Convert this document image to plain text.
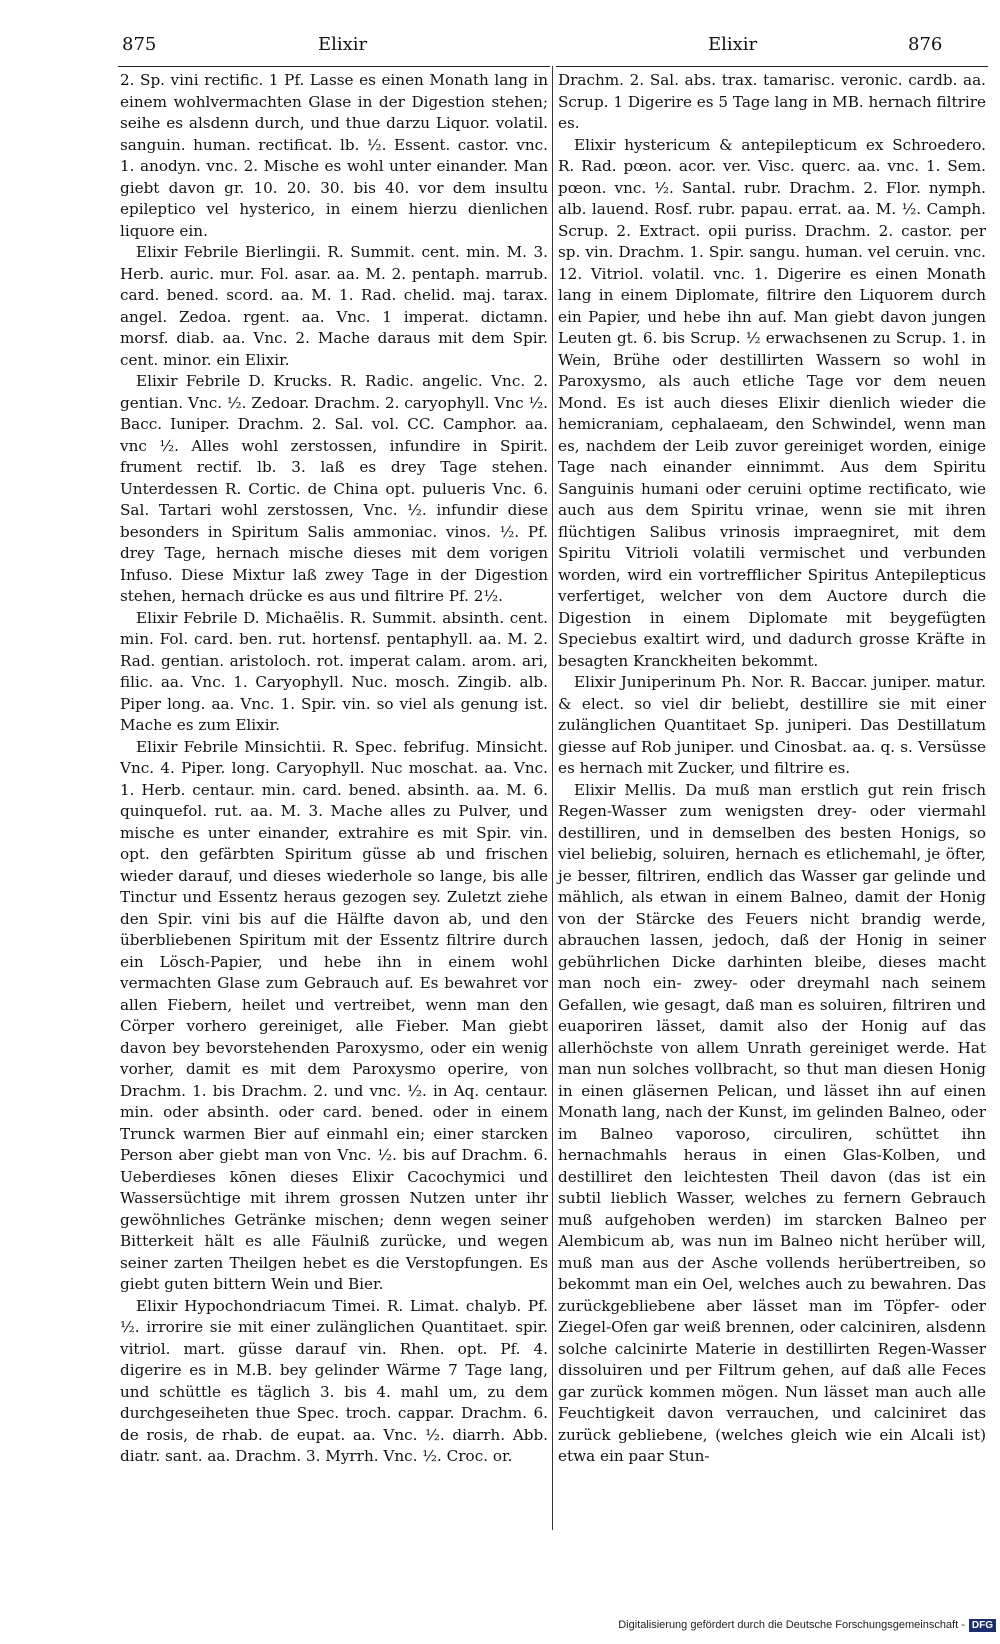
875	Elixir	Elixir	876

2. Sp. vini rectific. 1 Pf. Lasse es einen Monath lang in einem wohlvermachten Glase in der Digestion stehen; seihe es alsdenn durch, und thue darzu Liquor. volatil. sanguin. human. rectificat. lb. ½. Essent. castor. vnc. 1. anodyn. vnc. 2. Mische es wohl unter einander. Man giebt davon gr. 10. 20. 30. bis 40. vor dem insultu epileptico vel hysterico, in einem hierzu dienlichen liquore ein.

Elixir Febrile Bierlingii. R. Summit. cent. min. M. 3. Herb. auric. mur. Fol. asar. aa. M. 2. pentaph. marrub. card. bened. scord. aa. M. 1. Rad. chelid. maj. tarax. angel. Zedoa. rgent. aa. Vnc. 1 imperat. dictamn. morsf. diab. aa. Vnc. 2. Mache daraus mit dem Spir. cent. minor. ein Elixir.

Elixir Febrile D. Krucks. R. Radic. angelic. Vnc. 2. gentian. Vnc. ½. Zedoar. Drachm. 2. caryophyll. Vnc ½. Bacc. Iuniper. Drachm. 2. Sal. vol. CC. Camphor. aa. vnc ½. Alles wohl zerstossen, infundire in Spirit. frument rectif. lb. 3. laß es drey Tage stehen. Unterdessen R. Cortic. de China opt. pulueris Vnc. 6. Sal. Tartari wohl zerstossen, Vnc. ½. infundir diese besonders in Spiritum Salis ammoniac. vinos. ½. Pf. drey Tage, hernach mische dieses mit dem vorigen Infuso. Diese Mixtur laß zwey Tage in der Digestion stehen, hernach drücke es aus und filtrire Pf. 2½.

Elixir Febrile D. Michaëlis. R. Summit. absinth. cent. min. Fol. card. ben. rut. hortensf. pentaphyll. aa. M. 2. Rad. gentian. aristoloch. rot. imperat calam. arom. ari, filic. aa. Vnc. 1. Caryophyll. Nuc. mosch. Zingib. alb. Piper long. aa. Vnc. 1. Spir. vin. so viel als genung ist. Mache es zum Elixir.

Elixir Febrile Minsichtii. R. Spec. febrifug. Minsicht. Vnc. 4. Piper. long. Caryophyll. Nuc moschat. aa. Vnc. 1. Herb. centaur. min. card. bened. absinth. aa. M. 6. quinquefol. rut. aa. M. 3. Mache alles zu Pulver, und mische es unter einander, extrahire es mit Spir. vin. opt. den gefärbten Spiritum güsse ab und frischen wieder darauf, und dieses wiederhole so lange, bis alle Tinctur und Essentz heraus gezogen sey. Zuletzt ziehe den Spir. vini bis auf die Hälfte davon ab, und den überbliebenen Spiritum mit der Essentz filtrire durch ein Lösch-Papier, und hebe ihn in einem wohl vermachten Glase zum Gebrauch auf. Es bewahret vor allen Fiebern, heilet und vertreibet, wenn man den Cörper vorhero gereiniget, alle Fieber. Man giebt davon bey bevorstehenden Paroxysmo, oder ein wenig vorher, damit es mit dem Paroxysmo operire, von Drachm. 1. bis Drachm. 2. und vnc. ½. in Aq. centaur. min. oder absinth. oder card. bened. oder in einem Trunck warmen Bier auf einmahl ein; einer starcken Person aber giebt man von Vnc. ½. bis auf Drachm. 6. Ueberdieses kōnen dieses Elixir Cacochymici und Wassersüchtige mit ihrem grossen Nutzen unter ihr gewöhnliches Getränke mischen; denn wegen seiner Bitterkeit hält es alle Fäulniß zurücke, und wegen seiner zarten Theilgen hebet es die Verstopfungen. Es giebt guten bittern Wein und Bier.

Elixir Hypochondriacum Timei. R. Limat. chalyb. Pf. ½. irrorire sie mit einer zulänglichen Quantitaet. spir. vitriol. mart. güsse darauf vin. Rhen. opt. Pf. 4. digerire es in M.B. bey gelinder Wärme 7 Tage lang, und schüttle es täglich 3. bis 4. mahl um, zu dem durchgeseiheten thue Spec. troch. cappar. Drachm. 6. de rosis, de rhab. de eupat. aa. Vnc. ½. diarrh. Abb. diatr. sant. aa. Drachm. 3. Myrrh. Vnc. ½. Croc. or.

Drachm. 2. Sal. abs. trax. tamarisc. veronic. cardb. aa. Scrup. 1 Digerire es 5 Tage lang in MB. hernach filtrire es.

Elixir hystericum & antepilepticum ex Schroedero. R. Rad. pœon. acor. ver. Visc. querc. aa. vnc. 1. Sem. pœon. vnc. ½. Santal. rubr. Drachm. 2. Flor. nymph. alb. lauend. Rosf. rubr. papau. errat. aa. M. ½. Camph. Scrup. 2. Extract. opii puriss. Drachm. 2. castor. per sp. vin. Drachm. 1. Spir. sangu. human. vel ceruin. vnc. 12. Vitriol. volatil. vnc. 1. Digerire es einen Monath lang in einem Diplomate, filtrire den Liquorem durch ein Papier, und hebe ihn auf. Man giebt davon jungen Leuten gt. 6. bis Scrup. ½ erwachsenen zu Scrup. 1. in Wein, Brühe oder destillirten Wassern so wohl in Paroxysmo, als auch etliche Tage vor dem neuen Mond. Es ist auch dieses Elixir dienlich wieder die hemicraniam, cephalaeam, den Schwindel, wenn man es, nachdem der Leib zuvor gereiniget worden, einige Tage nach einander einnimmt. Aus dem Spiritu Sanguinis humani oder ceruini optime rectificato, wie auch aus dem Spiritu vrinae, wenn sie mit ihren flüchtigen Salibus vrinosis impraegniret, mit dem Spiritu Vitrioli volatili vermischet und verbunden worden, wird ein vortrefflicher Spiritus Antepilepticus verfertiget, welcher von dem Auctore durch die Digestion in einem Diplomate mit beygefügten Speciebus exaltirt wird, und dadurch grosse Kräfte in besagten Kranckheiten bekommt.

Elixir Juniperinum Ph. Nor. R. Baccar. juniper. matur. & elect. so viel dir beliebt, destillire sie mit einer zulänglichen Quantitaet Sp. juniperi. Das Destillatum giesse auf Rob juniper. und Cinosbat. aa. q. s. Versüsse es hernach mit Zucker, und filtrire es.

Elixir Mellis. Da muß man erstlich gut rein frisch Regen-Wasser zum wenigsten drey- oder viermahl destilliren, und in demselben des besten Honigs, so viel beliebig, soluiren, hernach es etlichemahl, je öfter, je besser, filtriren, endlich das Wasser gar gelinde und mählich, als etwan in einem Balneo, damit der Honig von der Stärcke des Feuers nicht brandig werde, abrauchen lassen, jedoch, daß der Honig in seiner gebührlichen Dicke darhinten bleibe, dieses macht man noch ein- zwey- oder dreymahl nach seinem Gefallen, wie gesagt, daß man es soluiren, filtriren und euaporiren lässet, damit also der Honig auf das allerhöchste von allem Unrath gereiniget werde. Hat man nun solches vollbracht, so thut man diesen Honig in einen gläsernen Pelican, und lässet ihn auf einen Monath lang, nach der Kunst, im gelinden Balneo, oder im Balneo vaporoso, circuliren, schüttet ihn hernachmahls heraus in einen Glas-Kolben, und destilliret den leichtesten Theil davon (das ist ein subtil lieblich Wasser, welches zu fernern Gebrauch muß aufgehoben werden) im starcken Balneo per Alembicum ab, was nun im Balneo nicht herüber will, muß man aus der Asche vollends herübertreiben, so bekommt man ein Oel, welches auch zu bewahren. Das zurückgebliebene aber lässet man im Töpfer- oder Ziegel-Ofen gar weiß brennen, oder calciniren, alsdenn solche calcinirte Materie in destillirten Regen-Wasser dissoluiren und per Filtrum gehen, auf daß alle Feces gar zurück kommen mögen. Nun lässet man auch alle Feuchtigkeit davon verrauchen, und calciniret das zurück gebliebene, (welches gleich wie ein Alcali ist) etwa ein paar Stun-

Digitalisierung gefördert durch die Deutsche Forschungsgemeinschaft - DFG
